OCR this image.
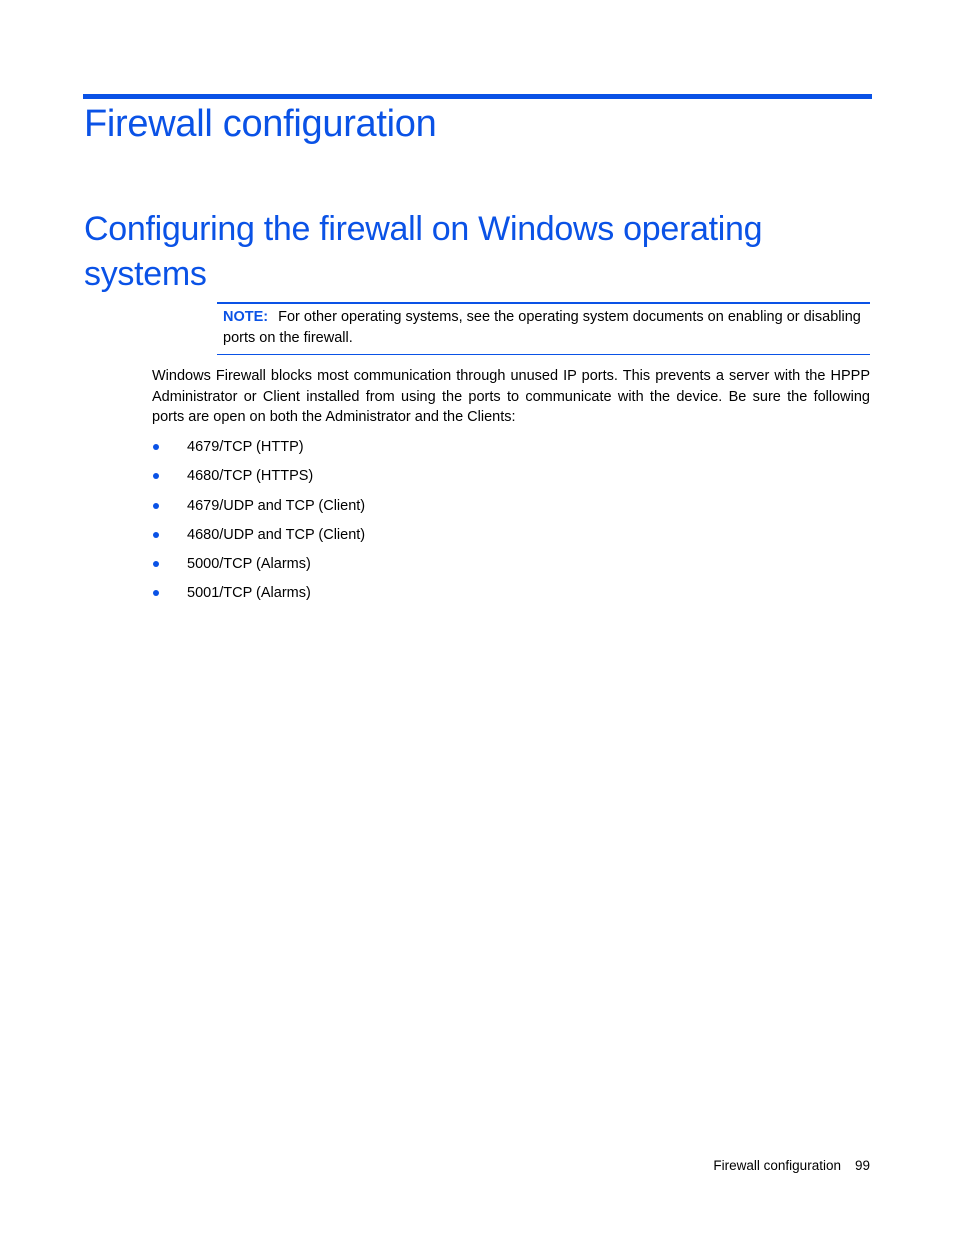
Firewall configuration
Configuring the firewall on Windows operating systems
NOTE: For other operating systems, see the operating system documents on enabling or disabling ports on the firewall.

Windows Firewall blocks most communication through unused IP ports. This prevents a server with the HPPP Administrator or Client installed from using the ports to communicate with the device. Be sure the following ports are open on both the Administrator and the Clients:

4679/TCP (HTTP)
4680/TCP (HTTPS)
4679/UDP and TCP (Client)
4680/UDP and TCP (Client)
5000/TCP (Alarms)
5001/TCP (Alarms)
Firewall configuration 99
